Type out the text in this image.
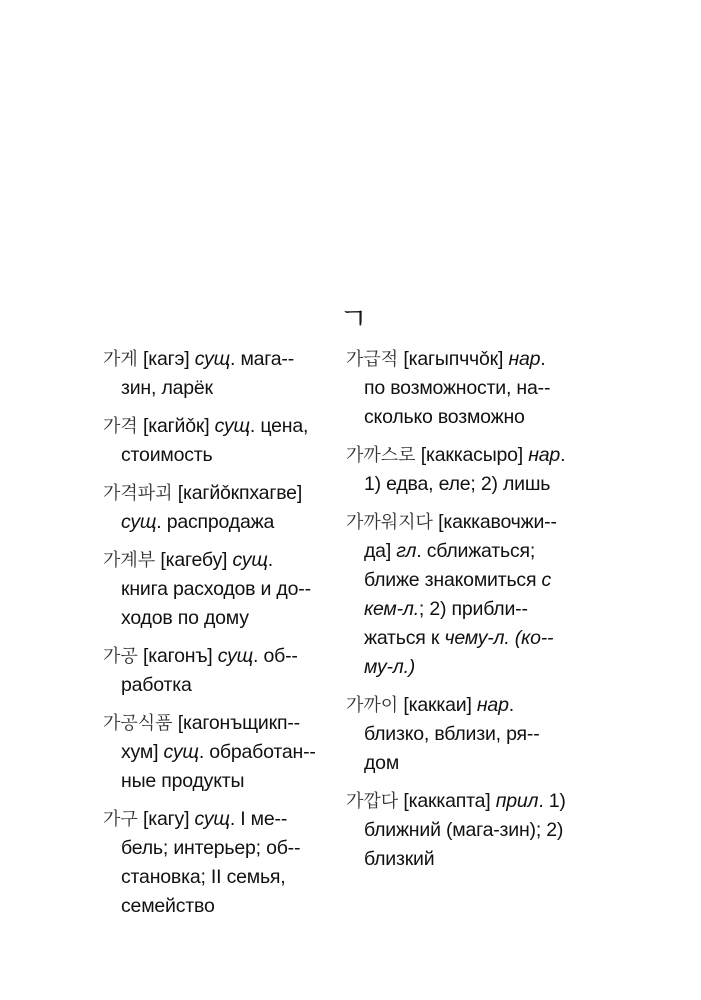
ㄱ

가게 [кагэ] сущ. мага-зин, ларёк

가격 [кагйǒк] сущ. цена, стоимость

가격파괴 [кагйǒкпхагве] сущ. распродажа

가계부 [кагебу] сущ. книга расходов и до-ходов по дому

가공 [кагонъ] сущ. об-работка

가공식품 [кагонъщикп-хум] сущ. обработан-ные продукты

가구 [кагу] сущ. I ме-бель; интерьер; об-становка; II семья, семейство

가급적 [кагыпччǒк] нар. по возможности, на-сколько возможно

가까스로 [каккасыро] нар. 1) едва, еле; 2) лишь

가까워지다 [каккавочжи-да] гл. сближаться; ближе знакомиться с кем-л.; 2) прибли-жаться к чему-л. (ко-му-л.)

가까이 [каккаи] нар. близко, вблизи, ря-дом

가깝다 [каккапта] прил. 1) ближний (мага-зин); 2) близкий
